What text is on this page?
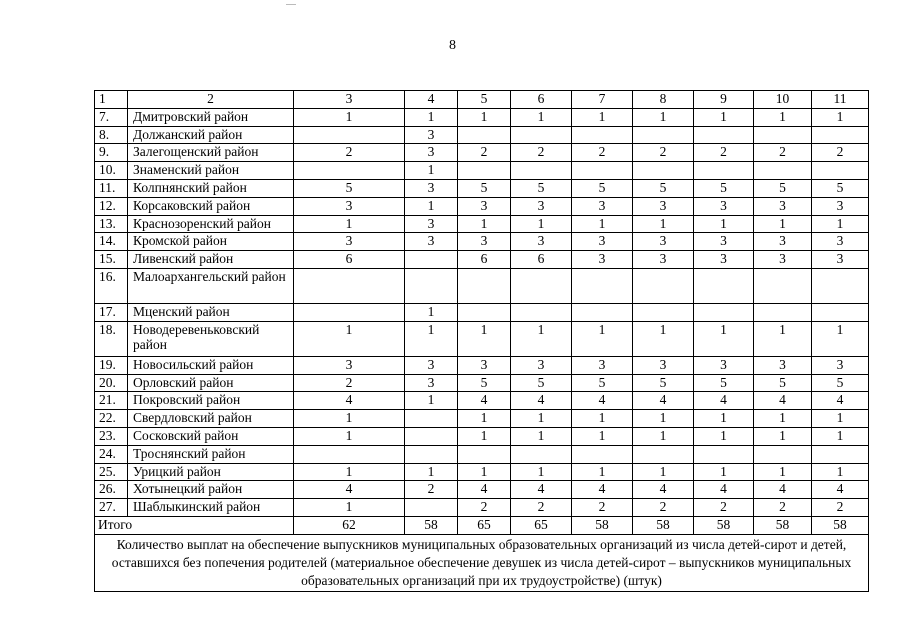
8
1	2	3	4	5	6	7	8	9	10	11
7.	Дмитровский район	1	1	1	1	1	1	1	1	1
8.	Должанский район		3							
9.	Залегощенский район	2	3	2	2	2	2	2	2	2
10.	Знаменский район		1							
11.	Колпнянский район	5	3	5	5	5	5	5	5	5
12.	Корсаковский район	3	1	3	3	3	3	3	3	3
13.	Краснозоренский район	1	3	1	1	1	1	1	1	1
14.	Кромской район	3	3	3	3	3	3	3	3	3
15.	Ливенский район	6		6	6	3	3	3	3	3
16.	Малоархангельский район									
17.	Мценский район		1							
18.	Новодеревеньковский район	1	1	1	1	1	1	1	1	1
19.	Новосильский район	3	3	3	3	3	3	3	3	3
20.	Орловский район	2	3	5	5	5	5	5	5	5
21.	Покровский район	4	1	4	4	4	4	4	4	4
22.	Свердловский район	1		1	1	1	1	1	1	1
23.	Сосковский район	1		1	1	1	1	1	1	1
24.	Троснянский район									
25.	Урицкий район	1	1	1	1	1	1	1	1	1
26.	Хотынецкий район	4	2	4	4	4	4	4	4	4
27.	Шаблыкинский район	1		2	2	2	2	2	2	2
Итого		62	58	65	65	58	58	58	58	58
Количество выплат на обеспечение выпускников муниципальных образовательных организаций из числа детей-сирот и детей, оставшихся без попечения родителей (материальное обеспечение девушек из числа детей-сирот – выпускников муниципальных образовательных организаций при их трудоустройстве) (штук)										
